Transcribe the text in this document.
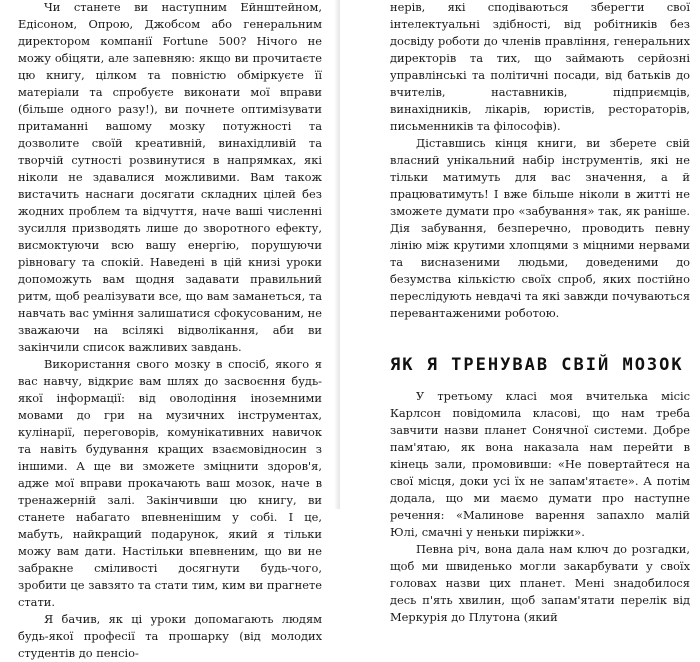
Чи станете ви наступним Ейнштейном, Едісоном, Опрою, Джобсом або генеральним директором компанії Fortune 500? Нічого не можу обіцяти, але запевняю: якщо ви прочитаєте цю книгу, цілком та повністю обміркуєте її матеріали та спробуєте виконати мої вправи (більше одного разу!), ви почнете оптимізувати притаманні вашому мозку потужності та дозволите своїй креативній, винахідливій та творчій сутності розвинутися в напрямках, які ніколи не здавалися можливими. Вам також вистачить наснаги досягати складних цілей без жодних проблем та відчуття, наче ваші численні зусилля призводять лише до зворотного ефекту, висмоктуючи всю вашу енергію, порушуючи рівновагу та спокій. Наведені в цій книзі уроки допоможуть вам щодня задавати правильний ритм, щоб реалізувати все, що вам заманеться, та навчать вас уміння залишатися сфокусованим, не зважаючи на всілякі відволікання, аби ви закінчили список важливих завдань.

Використання свого мозку в спосіб, якого я вас навчу, відкриє вам шлях до засвоєння будь-якої інформації: від оволодіння іноземними мовами до гри на музичних інструментах, кулінарії, переговорів, комунікативних навичок та навіть будування кращих взаємовідносин з іншими. А ще ви зможете зміцнити здоров'я, адже мої вправи прокачають ваш мозок, наче в тренажерній залі. Закінчивши цю книгу, ви станете набагато впевненішим у собі. І це, мабуть, найкращий подарунок, який я тільки можу вам дати. Настільки впевненим, що ви не забракне сміливості досягнути будь-чого, зробити це завзято та стати тим, ким ви прагнете стати.

Я бачив, як ці уроки допомагають людям будь-якої професії та прошарку (від молодих студентів до пенсіо-

нерів, які сподіваються зберегти свої інтелектуальні здібності, від робітників без досвіду роботи до членів правління, генеральних директорів та тих, що займають серйозні управлінські та політичні посади, від батьків до вчителів, наставників, підприємців, винахідників, лікарів, юристів, рестораторів, письменників та філософів).

Діставшись кінця книги, ви зберете свій власний унікальний набір інструментів, які не тільки матимуть для вас значення, а й працюватимуть! І вже більше ніколи в житті не зможете думати про «забування» так, як раніше. Дія забування, безперечно, проводить певну лінію між крутими хлопцями з міцними нервами та висназеними людьми, доведеними до безумства кількістю своїх спроб, яких постійно переслідують невдачі та які завжди почуваються перевантаженими роботою.

ЯК Я ТРЕНУВАВ СВІЙ МОЗОК

У третьому класі моя вчителька місіс Карлсон повідомила класові, що нам треба завчити назви планет Сонячної системи. Добре пам'ятаю, як вона наказала нам перейти в кінець зали, промовивши: «Не повертайтеся на свої місця, доки усі їх не запам'ятаєте». А потім додала, що ми маємо думати про наступне речення: «Малинове варення запахло малій Юлі, смачні у неньки пиріжки».

Певна річ, вона дала нам ключ до розгадки, щоб ми швиденько могли закарбувати у своїх головах назви цих планет. Мені знадобилося десь п'ять хвилин, щоб запам'ятати перелік від Меркурія до Плутона (який
